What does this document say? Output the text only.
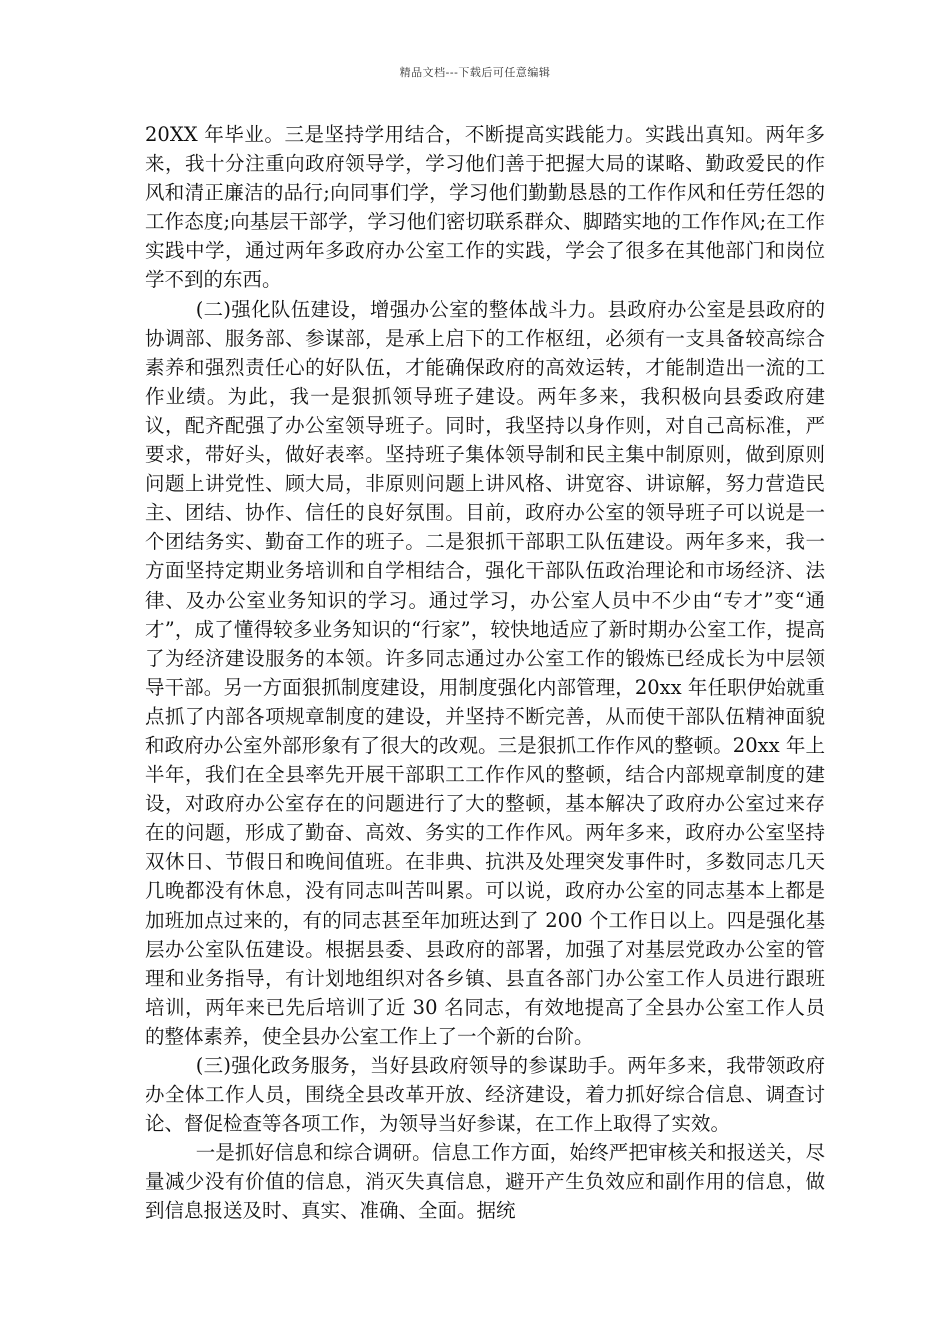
精品文档---下载后可任意编辑

20XX 年毕业。三是坚持学用结合，不断提高实践能力。实践出真知。两年多来，我十分注重向政府领导学，学习他们善于把握大局的谋略、勤政爱民的作风和清正廉洁的品行;向同事们学，学习他们勤勤恳恳的工作作风和任劳任怨的工作态度;向基层干部学，学习他们密切联系群众、脚踏实地的工作作风;在工作实践中学，通过两年多政府办公室工作的实践，学会了很多在其他部门和岗位学不到的东西。

(二)强化队伍建设，增强办公室的整体战斗力。县政府办公室是县政府的协调部、服务部、参谋部，是承上启下的工作枢纽，必须有一支具备较高综合素养和强烈责任心的好队伍，才能确保政府的高效运转，才能制造出一流的工作业绩。为此，我一是狠抓领导班子建设。两年多来，我积极向县委政府建议，配齐配强了办公室领导班子。同时，我坚持以身作则，对自己高标准，严要求，带好头，做好表率。坚持班子集体领导制和民主集中制原则，做到原则问题上讲党性、顾大局，非原则问题上讲风格、讲宽容、讲谅解，努力营造民主、团结、协作、信任的良好氛围。目前，政府办公室的领导班子可以说是一个团结务实、勤奋工作的班子。二是狠抓干部职工队伍建设。两年多来，我一方面坚持定期业务培训和自学相结合，强化干部队伍政治理论和市场经济、法律、及办公室业务知识的学习。通过学习，办公室人员中不少由“专才”变“通才”，成了懂得较多业务知识的“行家”，较快地适应了新时期办公室工作，提高了为经济建设服务的本领。许多同志通过办公室工作的锻炼已经成长为中层领导干部。另一方面狠抓制度建设，用制度强化内部管理，20xx 年任职伊始就重点抓了内部各项规章制度的建设，并坚持不断完善，从而使干部队伍精神面貌和政府办公室外部形象有了很大的改观。三是狠抓工作作风的整顿。20xx 年上半年，我们在全县率先开展干部职工工作作风的整顿，结合内部规章制度的建设，对政府办公室存在的问题进行了大的整顿，基本解决了政府办公室过来存在的问题，形成了勤奋、高效、务实的工作作风。两年多来，政府办公室坚持双休日、节假日和晚间值班。在非典、抗洪及处理突发事件时，多数同志几天几晚都没有休息，没有同志叫苦叫累。可以说，政府办公室的同志基本上都是加班加点过来的，有的同志甚至年加班达到了 200 个工作日以上。四是强化基层办公室队伍建设。根据县委、县政府的部署，加强了对基层党政办公室的管理和业务指导，有计划地组织对各乡镇、县直各部门办公室工作人员进行跟班培训，两年来已先后培训了近 30 名同志，有效地提高了全县办公室工作人员的整体素养，使全县办公室工作上了一个新的台阶。

(三)强化政务服务，当好县政府领导的参谋助手。两年多来，我带领政府办全体工作人员，围绕全县改革开放、经济建设，着力抓好综合信息、调查讨论、督促检查等各项工作，为领导当好参谋，在工作上取得了实效。

一是抓好信息和综合调研。信息工作方面，始终严把审核关和报送关，尽量减少没有价值的信息，消灭失真信息，避开产生负效应和副作用的信息，做到信息报送及时、真实、准确、全面。据统
